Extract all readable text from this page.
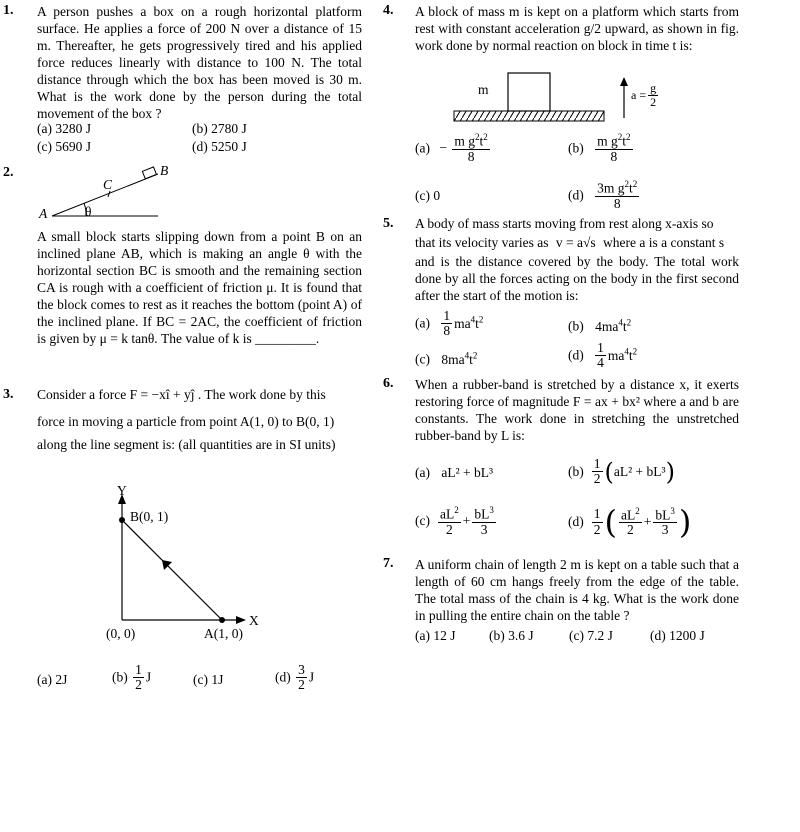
1. A person pushes a box on a rough horizontal platform surface. He applies a force of 200 N over a distance of 15 m. Thereafter, he gets progressively tired and his applied force reduces linearly with distance to 100 N. The total distance through which the box has been moved is 30 m. What is the work done by the person during the total movement of the box ?
(a) 3280 J	(b) 2780 J
(c) 5690 J	(d) 5250 J
2.
A
B
C
θ
A small block starts slipping down from a point B on an inclined plane AB, which is making an angle θ with the horizontal section BC is smooth and the remaining section CA is rough with a coefficient of friction μ. It is found that the block comes to rest as it reaches the bottom (point A) of the inclined plane. If BC = 2AC, the coefficient of friction is given by μ = k tanθ. The value of k is _________.
3. Consider a force F = −xî + yĵ . The work done by this
force in moving a particle from point A(1, 0) to B(0, 1)
along the line segment is: (all quantities are in SI units)
Y
X
B(0, 1)
(0, 0)	A(1, 0)
(a) 2J	$(b) \frac{1}{2}$ J	(c) 1J	$(d) \frac{3}{2}$ J
4. A block of mass m is kept on a platform which starts from rest with constant acceleration g/2 upward, as shown in fig. work done by normal reaction on block in time t is:
m	$a = \frac{g}{2}$
$(a) - \frac{m g^2t^2}{8}$	$(b) \frac{m g^2t^2}{8}$
(c) 0	$(d) \frac{3m g^2t^2}{8}$
5. A body of mass starts moving from rest along x-axis so
that its velocity varies as v = a√s where a is a constant s
and is the distance covered by the body. The total work done by all the forces acting on the body in the first second after the start of the motion is:
$(a) \frac{1}{8} ma^4t^2$	(b) $4ma^4t^2$
(c) $8ma^4t^2$	$(d) \frac{1}{4} ma^4t^2$
6. When a rubber-band is stretched by a distance x, it exerts restoring force of magnitude F = ax + bx² where a and b are constants. The work done in stretching the unstretched rubber-band by L is:
(a) aL² + bL³	$(b) \frac{1}{2}$ ( aL² + bL³ )
$(c) \frac{aL^2}{2} + \frac{bL^3}{3}$	$(d) \frac{1}{2}$ ( $\frac{aL^2}{2} + \frac{bL^3}{3}$ )
7. A uniform chain of length 2 m is kept on a table such that a length of 60 cm hangs freely from the edge of the table. The total mass of the chain is 4 kg. What is the work done in pulling the entire chain on the table ?
(a) 12 J (b) 3.6 J	(c) 7.2 J	(d) 1200 J
